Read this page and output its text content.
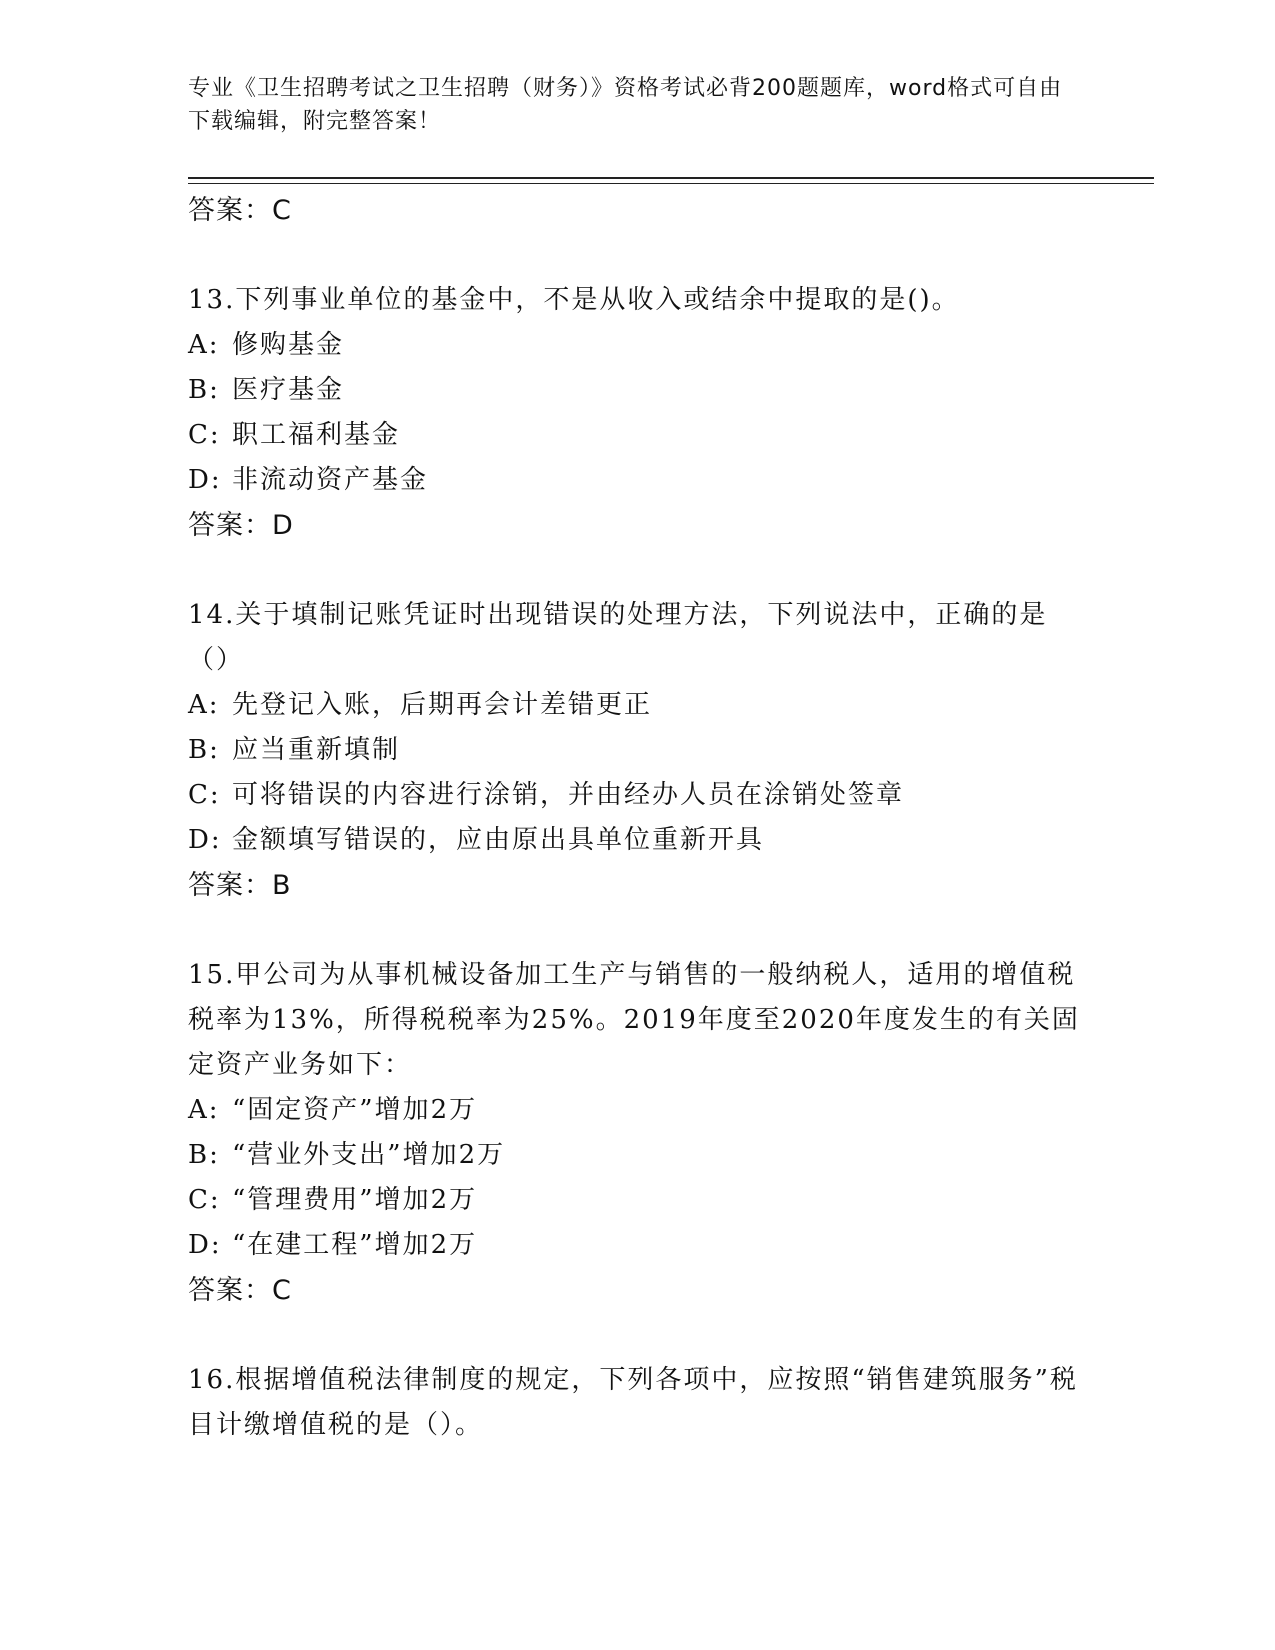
专业《卫生招聘考试之卫生招聘（财务）》资格考试必背200题题库，word格式可自由下载编辑，附完整答案！

答案：C

13.下列事业单位的基金中，不是从收入或结余中提取的是()。

A: 修购基金

B: 医疗基金

C: 职工福利基金

D: 非流动资产基金

答案：D

14.关于填制记账凭证时出现错误的处理方法，下列说法中，正确的是（）

A: 先登记入账，后期再会计差错更正

B: 应当重新填制

C: 可将错误的内容进行涂销，并由经办人员在涂销处签章

D: 金额填写错误的，应由原出具单位重新开具

答案：B

15.甲公司为从事机械设备加工生产与销售的一般纳税人，适用的增值税税率为13%，所得税税率为25%。2019年度至2020年度发生的有关固定资产业务如下：

A: “固定资产”增加2万

B: “营业外支出”增加2万

C: “管理费用”增加2万

D: “在建工程”增加2万

答案：C

16.根据增值税法律制度的规定，下列各项中，应按照“销售建筑服务”税目计缴增值税的是（）。
